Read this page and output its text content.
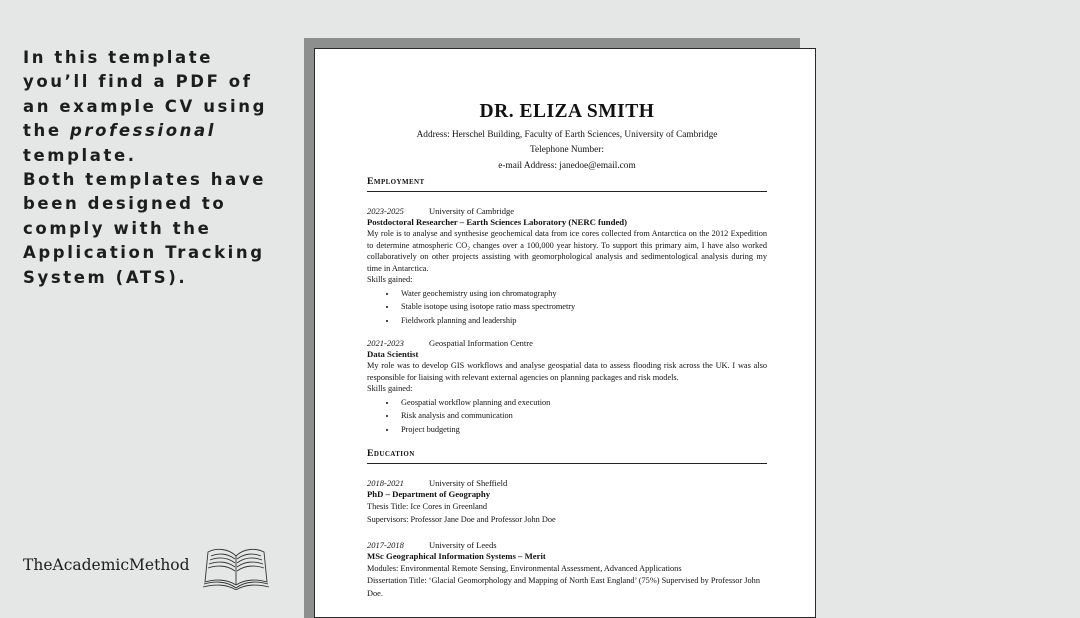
In this template
you’ll find a PDF of
an example CV using
the professional
template.
Both templates have
been designed to
comply with the
Application Tracking
System (ATS).
TheAcademicMethod
DR. ELIZA SMITH
Address: Herschel Building, Faculty of Earth Sciences, University of Cambridge
Telephone Number:
e-mail Address: janedoe@email.com
Employment
2023-2025	University of Cambridge
Postdoctoral Researcher – Earth Sciences Laboratory (NERC funded)
My role is to analyse and synthesise geochemical data from ice cores collected from Antarctica on the 2012 Expedition to determine atmospheric CO₂ changes over a 100,000 year history. To support this primary aim, I have also worked collaboratively on other projects assisting with geomorphological analysis and sedimentological analysis during my time in Antarctica.
Skills gained:
• Water geochemistry using ion chromatography
• Stable isotope using isotope ratio mass spectrometry
• Fieldwork planning and leadership
2021-2023	Geospatial Information Centre
Data Scientist
My role was to develop GIS workflows and analyse geospatial data to assess flooding risk across the UK. I was also responsible for liaising with relevant external agencies on planning packages and risk models.
Skills gained:
• Geospatial workflow planning and execution
• Risk analysis and communication
• Project budgeting
Education
2018-2021	University of Sheffield
PhD – Department of Geography
Thesis Title: Ice Cores in Greenland
Supervisors: Professor Jane Doe and Professor John Doe
2017-2018	University of Leeds
MSc Geographical Information Systems – Merit
Modules: Environmental Remote Sensing, Environmental Assessment, Advanced Applications
Dissertation Title: ‘Glacial Geomorphology and Mapping of North East England’ (75%) Supervised by Professor John Doe.
